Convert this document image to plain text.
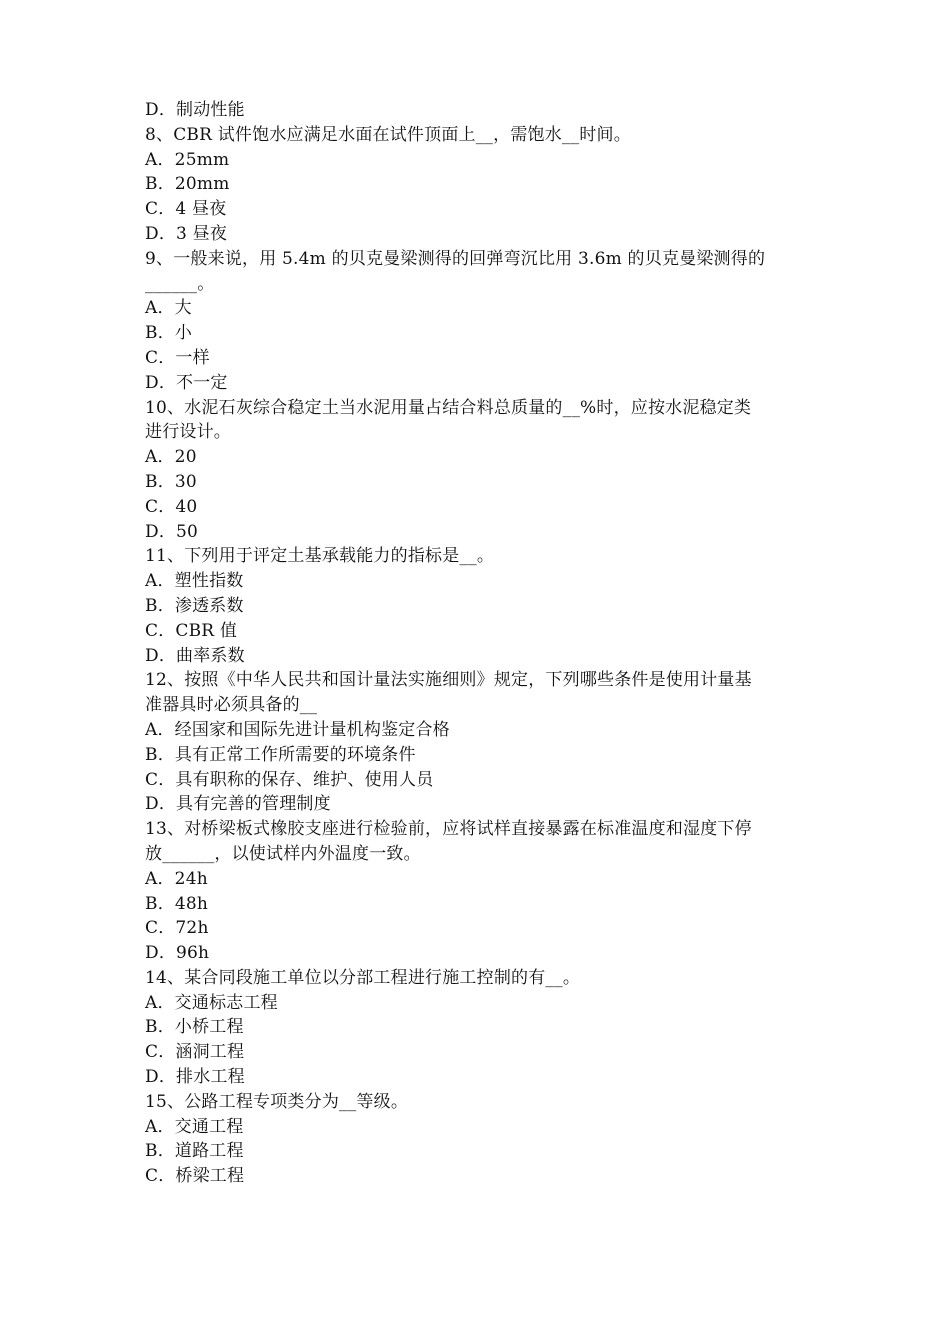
D．制动性能
8、CBR 试件饱水应满足水面在试件顶面上__，需饱水__时间。
A．25mm
B．20mm
C．4 昼夜
D．3 昼夜
9、一般来说，用 5.4m 的贝克曼梁测得的回弹弯沉比用 3.6m 的贝克曼梁测得的
______。
A．大
B．小
C．一样
D．不一定
10、水泥石灰综合稳定土当水泥用量占结合料总质量的__%时，应按水泥稳定类
进行设计。
A．20
B．30
C．40
D．50
11、下列用于评定土基承载能力的指标是__。
A．塑性指数
B．渗透系数
C．CBR 值
D．曲率系数
12、按照《中华人民共和国计量法实施细则》规定，下列哪些条件是使用计量基
准器具时必须具备的__
A．经国家和国际先进计量机构鉴定合格
B．具有正常工作所需要的环境条件
C．具有职称的保存、维护、使用人员
D．具有完善的管理制度
13、对桥梁板式橡胶支座进行检验前，应将试样直接暴露在标准温度和湿度下停
放______，以使试样内外温度一致。
A．24h
B．48h
C．72h
D．96h
14、某合同段施工单位以分部工程进行施工控制的有__。
A．交通标志工程
B．小桥工程
C．涵洞工程
D．排水工程
15、公路工程专项类分为__等级。
A．交通工程
B．道路工程
C．桥梁工程
